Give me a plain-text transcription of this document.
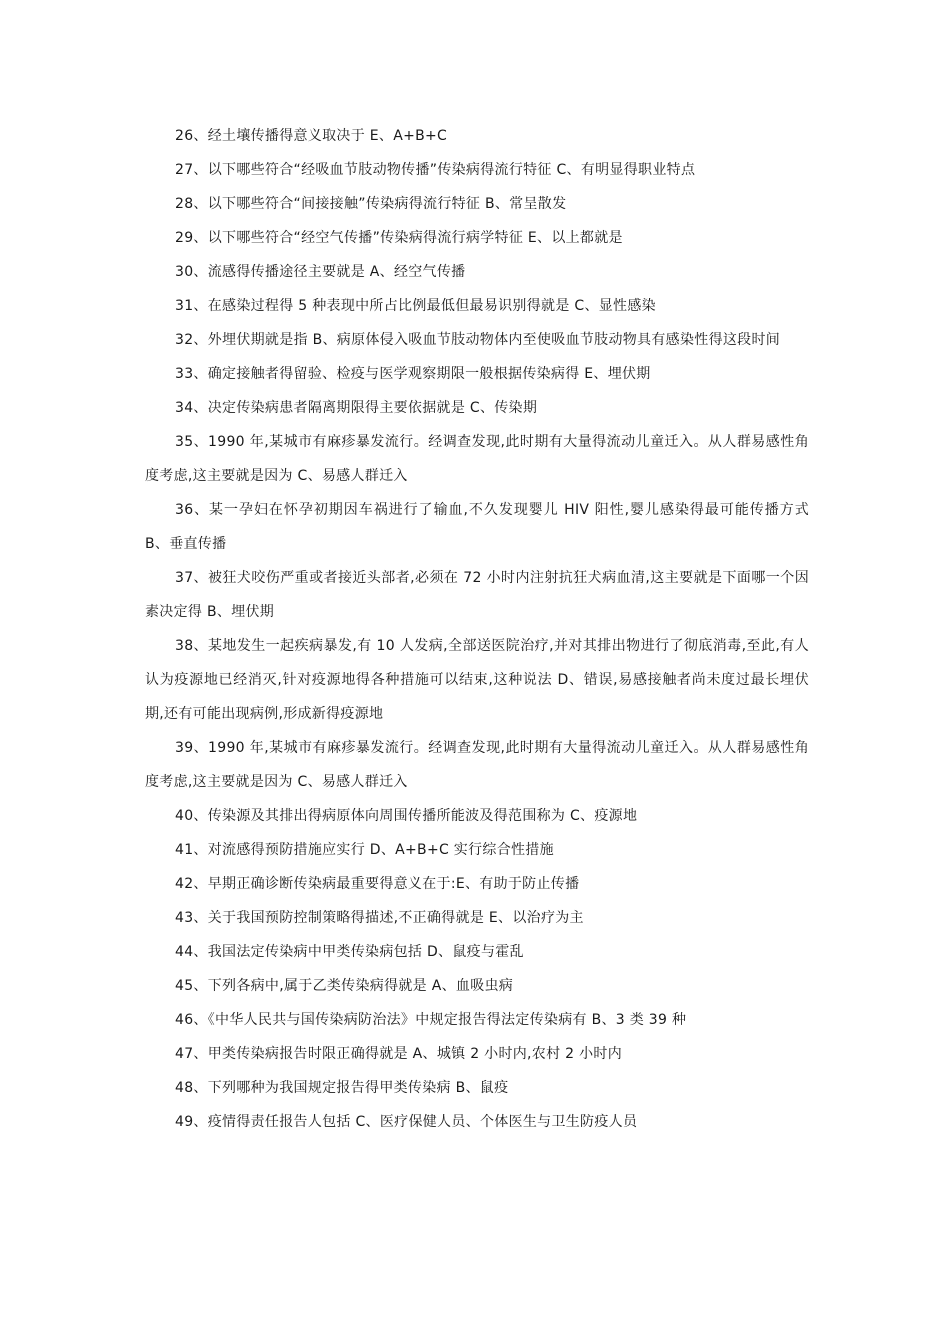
26、经土壤传播得意义取决于 E、A+B+C

27、以下哪些符合“经吸血节肢动物传播”传染病得流行特征 C、有明显得职业特点

28、以下哪些符合“间接接触”传染病得流行特征 B、常呈散发

29、以下哪些符合“经空气传播”传染病得流行病学特征 E、以上都就是

30、流感得传播途径主要就是 A、经空气传播

31、在感染过程得 5 种表现中所占比例最低但最易识别得就是 C、显性感染

32、外埋伏期就是指 B、病原体侵入吸血节肢动物体内至使吸血节肢动物具有感染性得这段时间

33、确定接触者得留验、检疫与医学观察期限一般根据传染病得 E、埋伏期

34、决定传染病患者隔离期限得主要依据就是 C、传染期

35、1990 年,某城市有麻疹暴发流行。经调查发现,此时期有大量得流动儿童迁入。从人群易感性角度考虑,这主要就是因为 C、易感人群迁入

36、某一孕妇在怀孕初期因车祸进行了输血,不久发现婴儿 HIV 阳性,婴儿感染得最可能传播方式 B、垂直传播

37、被狂犬咬伤严重或者接近头部者,必须在 72 小时内注射抗狂犬病血清,这主要就是下面哪一个因素决定得 B、埋伏期

38、某地发生一起疾病暴发,有 10 人发病,全部送医院治疗,并对其排出物进行了彻底消毒,至此,有人认为疫源地已经消灭,针对疫源地得各种措施可以结束,这种说法 D、错误,易感接触者尚未度过最长埋伏期,还有可能出现病例,形成新得疫源地

39、1990 年,某城市有麻疹暴发流行。经调查发现,此时期有大量得流动儿童迁入。从人群易感性角度考虑,这主要就是因为 C、易感人群迁入

40、传染源及其排出得病原体向周围传播所能波及得范围称为 C、疫源地

41、对流感得预防措施应实行 D、A+B+C 实行综合性措施

42、早期正确诊断传染病最重要得意义在于:E、有助于防止传播

43、关于我国预防控制策略得描述,不正确得就是 E、以治疗为主

44、我国法定传染病中甲类传染病包括 D、鼠疫与霍乱

45、下列各病中,属于乙类传染病得就是 A、血吸虫病

46、《中华人民共与国传染病防治法》中规定报告得法定传染病有 B、3 类 39 种

47、甲类传染病报告时限正确得就是 A、城镇 2 小时内,农村 2 小时内

48、下列哪种为我国规定报告得甲类传染病 B、鼠疫

49、疫情得责任报告人包括 C、医疗保健人员、个体医生与卫生防疫人员
